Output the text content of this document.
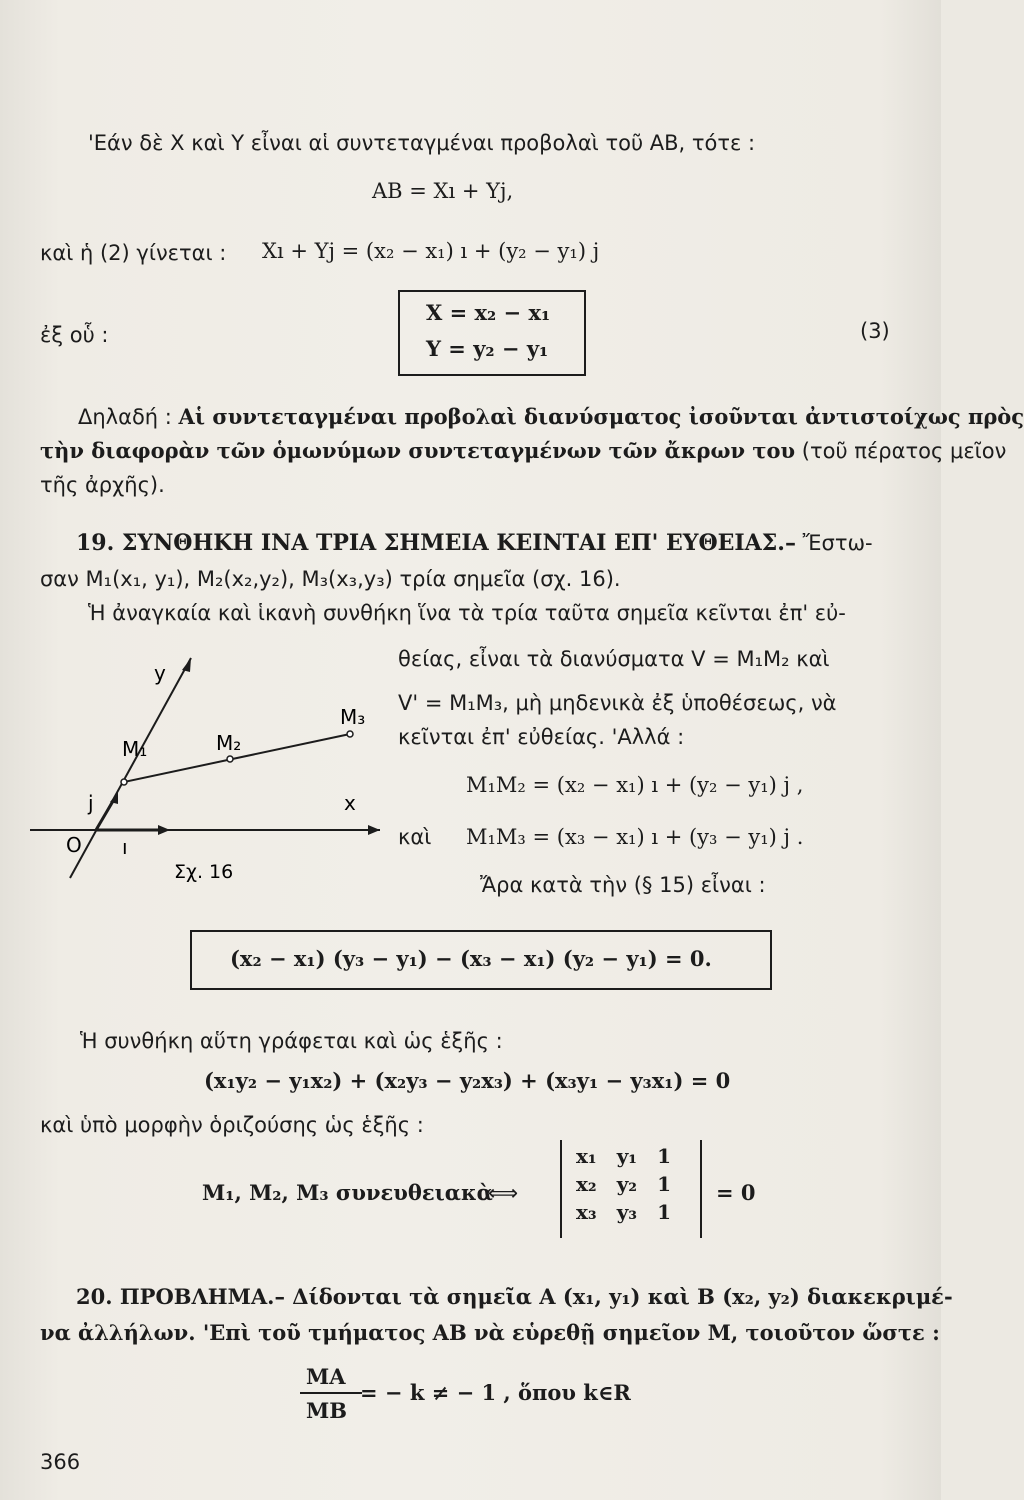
'Εάν δὲ X καὶ Y εἶναι αἱ συντεταγμέναι προβολαὶ τοῦ AB, τότε :
AB = Xı + Yj,
καὶ ἡ (2) γίνεται : Xı + Yj = (x₂ − x₁) ı + (y₂ − y₁) j
ἐξ οὗ :
X = x₂ − x₁
Y = y₂ − y₁
(3)
Δηλαδή : Αἱ συντεταγμέναι προβολαὶ διανύσματος ἰσοῦνται ἀντιστοίχως πρὸς
τὴν διαφορὰν τῶν ὁμωνύμων συντεταγμένων τῶν ἄκρων του (τοῦ πέρατος μεῖον
τῆς ἀρχῆς).
19. ΣΥΝΘΗΚΗ ΙΝΑ ΤΡΙΑ ΣΗΜΕΙΑ ΚΕΙΝΤΑΙ ΕΠ' ΕΥΘΕΙΑΣ.– Ἔστω-
σαν M₁(x₁, y₁), M₂(x₂,y₂), M₃(x₃,y₃) τρία σημεῖα (σχ. 16).
Ἡ ἀναγκαία καὶ ἱκανὴ συνθήκη ἵνα τὰ τρία ταῦτα σημεῖα κεῖνται ἐπ' εὐ-
θείας, εἶναι τὰ διανύσματα V = M₁M₂ καὶ
V' = M₁M₃, μὴ μηδενικὰ ἐξ ὑποθέσεως, νὰ
κεῖνται ἐπ' εὐθείας. 'Αλλά :
M₁M₂ = (x₂ − x₁) ı + (y₂ − y₁) j ,
καὶ M₁M₃ = (x₃ − x₁) ı + (y₃ − y₁) j .
Ἄρα κατὰ τὴν (§ 15) εἶναι :
(x₂ − x₁) (y₃ − y₁) − (x₃ − x₁) (y₂ − y₁) = 0.
Ἡ συνθήκη αὕτη γράφεται καὶ ὡς ἑξῆς :
(x₁y₂ − y₁x₂) + (x₂y₃ − y₂x₃) + (x₃y₁ − y₃x₁) = 0
καὶ ὑπὸ μορφὴν ὁριζούσης ὡς ἑξῆς :
M₁, M₂, M₃ συνευθειακὰ
⟺
x₁	y₁	1
x₂	y₂	1
x₃	y₃	1
= 0
y
x
O ı
j
M₁	M₂
M₃
Σχ. 16
20. ΠΡΟΒΛΗΜΑ.– Δίδονται τὰ σημεῖα A (x₁, y₁) καὶ B (x₂, y₂) διακεκριμέ-
να ἀλλήλων. 'Επὶ τοῦ τμήματος AB νὰ εὑρεθῇ σημεῖον M, τοιοῦτον ὥστε :
MA
MB
= − k ≠ − 1 , ὅπου k∈R
366
